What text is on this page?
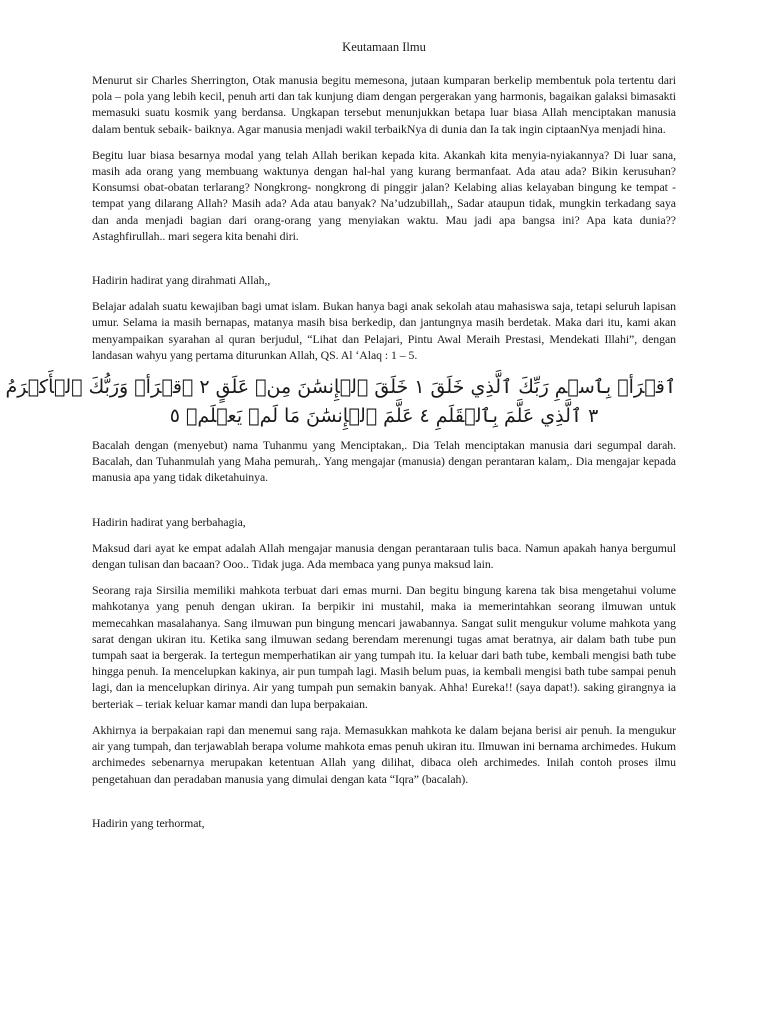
Keutamaan Ilmu

Menurut sir Charles Sherrington, Otak manusia begitu memesona, jutaan kumparan berkelip membentuk pola tertentu dari pola – pola yang lebih kecil, penuh arti dan tak kunjung diam dengan pergerakan yang harmonis, bagaikan galaksi bimasakti memasuki suatu kosmik yang berdansa. Ungkapan tersebut menunjukkan betapa luar biasa Allah menciptakan manusia dalam bentuk sebaik- baiknya. Agar manusia menjadi wakil terbaikNya di dunia dan Ia tak ingin ciptaanNya menjadi hina.

Begitu luar biasa besarnya modal yang telah Allah berikan kepada kita. Akankah kita menyia-nyiakannya? Di luar sana, masih ada orang yang membuang waktunya dengan hal-hal yang kurang bermanfaat. Ada atau ada? Bikin kerusuhan? Konsumsi obat-obatan terlarang? Nongkrong- nongkrong di pinggir jalan? Kelabing alias kelayaban bingung ke tempat - tempat yang dilarang Allah? Masih ada? Ada atau banyak? Na’udzubillah,, Sadar ataupun tidak, mungkin terkadang saya dan anda menjadi bagian dari orang-orang yang menyiakan waktu. Mau jadi apa bangsa ini? Apa kata dunia?? Astaghfirullah.. mari segera kita benahi diri.

Hadirin hadirat yang dirahmati Allah,,

Belajar adalah suatu kewajiban bagi umat islam. Bukan hanya bagi anak sekolah atau mahasiswa saja, tetapi seluruh lapisan umur. Selama ia masih bernapas, matanya masih bisa berkedip, dan jantungnya masih berdetak. Maka dari itu, kami akan menyampaikan syarahan al quran berjudul, “Lihat dan Pelajari, Pintu Awal Meraih Prestasi, Mendekati Illahi”, dengan landasan wahyu yang pertama diturunkan Allah, QS. Al ‘Alaq : 1 – 5.

ٱقۡرَأۡ بِٱسۡمِ رَبِّكَ ٱلَّذِي خَلَقَ ١ خَلَقَ ٱلۡإِنسَٰنَ مِنۡ عَلَقٍ ٢ ٱقۡرَأۡ وَرَبُّكَ ٱلۡأَكۡرَمُ
٣ ٱلَّذِي عَلَّمَ بِٱلۡقَلَمِ ٤ عَلَّمَ ٱلۡإِنسَٰنَ مَا لَمۡ يَعۡلَمۡ ٥

Bacalah dengan (menyebut) nama Tuhanmu yang Menciptakan,. Dia Telah menciptakan manusia dari segumpal darah. Bacalah, dan Tuhanmulah yang Maha pemurah,. Yang mengajar (manusia) dengan perantaran kalam,. Dia mengajar kepada manusia apa yang tidak diketahuinya.

Hadirin hadirat yang berbahagia,

Maksud dari ayat ke empat adalah Allah mengajar manusia dengan perantaraan tulis baca. Namun apakah hanya bergumul dengan tulisan dan bacaan? Ooo.. Tidak juga. Ada membaca yang punya maksud lain.

Seorang raja Sirsilia memiliki mahkota terbuat dari emas murni. Dan begitu bingung karena tak bisa mengetahui volume mahkotanya yang penuh dengan ukiran. Ia berpikir ini mustahil, maka ia memerintahkan seorang ilmuwan untuk memecahkan masalahanya. Sang ilmuwan pun bingung mencari jawabannya. Sangat sulit mengukur volume mahkota yang sarat dengan ukiran itu. Ketika sang ilmuwan sedang berendam merenungi tugas amat beratnya, air dalam bath tube pun tumpah saat ia bergerak. Ia tertegun memperhatikan air yang tumpah itu. Ia keluar dari bath tube, kembali mengisi bath tube hingga penuh. Ia mencelupkan kakinya, air pun tumpah lagi. Masih belum puas, ia kembali mengisi bath tube sampai penuh lagi, dan ia mencelupkan dirinya. Air yang tumpah pun semakin banyak. Ahha! Eureka!! (saya dapat!). saking girangnya ia berteriak – teriak keluar kamar mandi dan lupa berpakaian.

Akhirnya ia berpakaian rapi dan menemui sang raja. Memasukkan mahkota ke dalam bejana berisi air penuh. Ia mengukur air yang tumpah, dan terjawablah berapa volume mahkota emas penuh ukiran itu. Ilmuwan ini bernama archimedes. Hukum archimedes sebenarnya merupakan ketentuan Allah yang dilihat, dibaca oleh archimedes. Inilah contoh proses ilmu pengetahuan dan peradaban manusia yang dimulai dengan kata “Iqra” (bacalah).

Hadirin yang terhormat,
